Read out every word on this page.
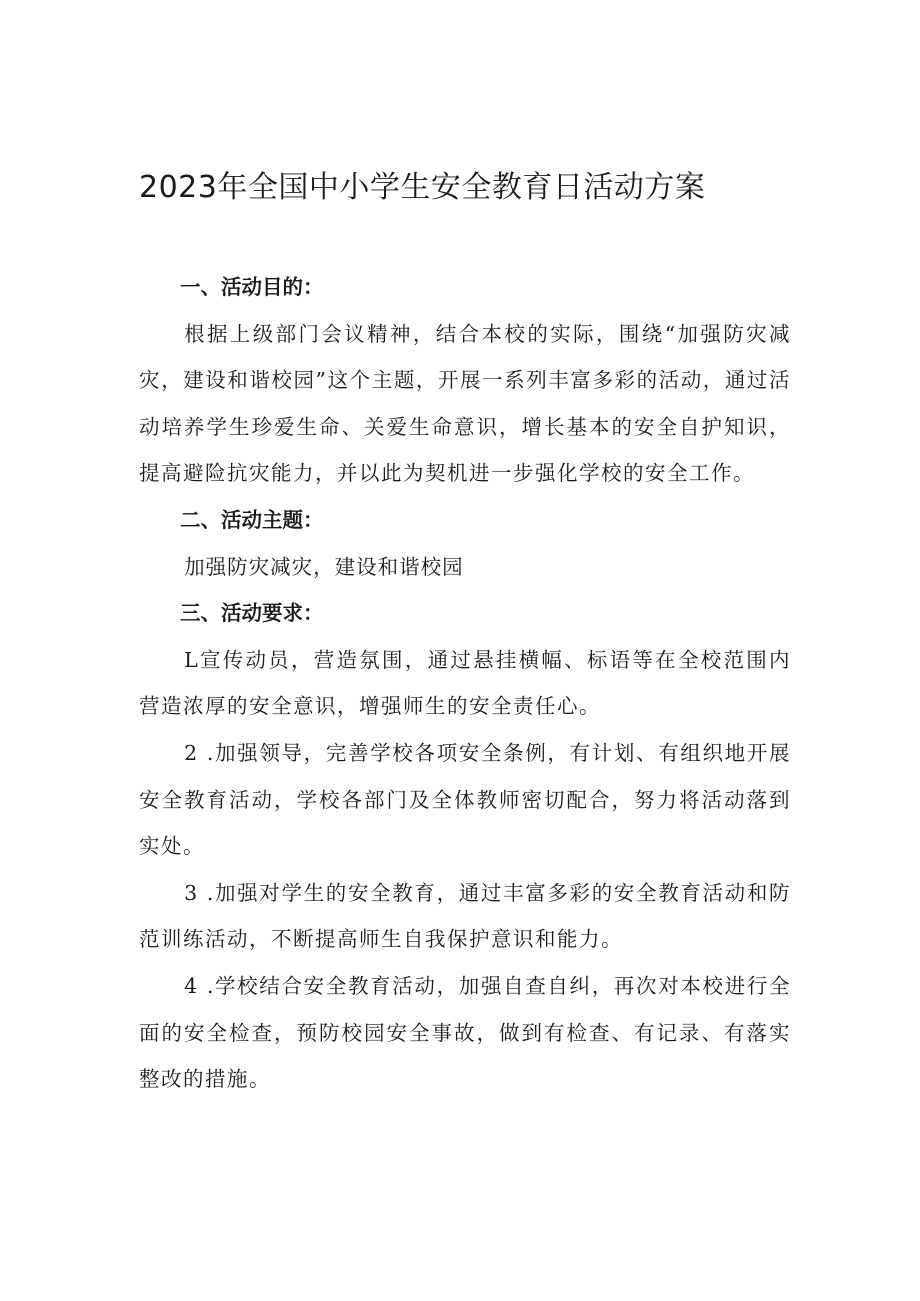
2023年全国中小学生安全教育日活动方案

一、活动目的：

根据上级部门会议精神，结合本校的实际，围绕“加强防灾减灾，建设和谐校园”这个主题，开展一系列丰富多彩的活动，通过活动培养学生珍爱生命、关爱生命意识，增长基本的安全自护知识，提高避险抗灾能力，并以此为契机进一步强化学校的安全工作。

二、活动主题：

加强防灾减灾，建设和谐校园

三、活动要求：

L宣传动员，营造氛围，通过悬挂横幅、标语等在全校范围内营造浓厚的安全意识，增强师生的安全责任心。

2 .加强领导，完善学校各项安全条例，有计划、有组织地开展安全教育活动，学校各部门及全体教师密切配合，努力将活动落到实处。

3 .加强对学生的安全教育，通过丰富多彩的安全教育活动和防范训练活动，不断提高师生自我保护意识和能力。

4 .学校结合安全教育活动，加强自查自纠，再次对本校进行全面的安全检查，预防校园安全事故，做到有检查、有记录、有落实整改的措施。
